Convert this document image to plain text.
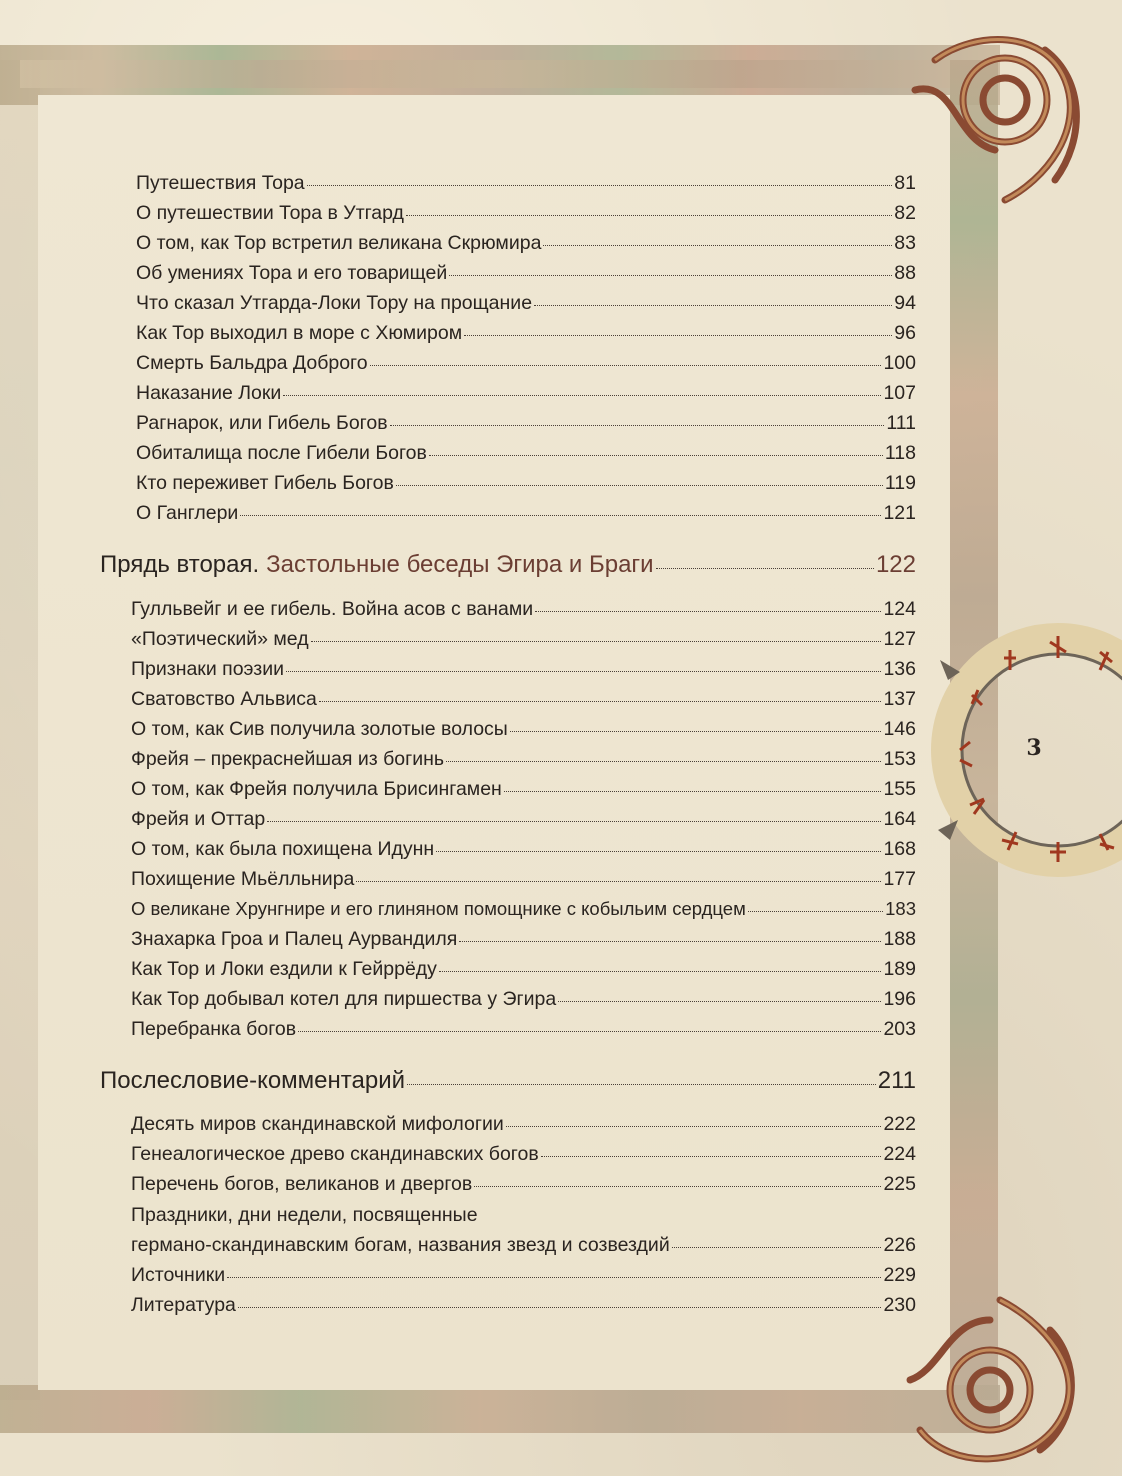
3
Путешествия Тора	81
О путешествии Тора в Утгард	82
О том, как Тор встретил великана Скрюмира	83
Об умениях Тора и его товарищей	88
Что сказал Утгарда-Локи Тору на прощание	94
Как Тор выходил в море с Хюмиром	96
Смерть Бальдра Доброго	100
Наказание Локи	107
Рагнарок, или Гибель Богов	111
Обиталища после Гибели Богов	118
Кто переживет Гибель Богов	119
О Ганглери	121
Прядь вторая. Застольные беседы Эгира и Браги	122
Гулльвейг и ее гибель. Война асов с ванами	124
«Поэтический» мед	127
Признаки поэзии	136
Сватовство Альвиса	137
О том, как Сив получила золотые волосы	146
Фрейя – прекраснейшая из богинь	153
О том, как Фрейя получила Брисингамен	155
Фрейя и Оттар	164
О том, как была похищена Идунн	168
Похищение Мьёлльнира	177
О великане Хрунгнире и его глиняном помощнике с кобыльим сердцем	183
Знахарка Гроа и Палец Аурвандиля	188
Как Тор и Локи ездили к Гейррёду	189
Как Тор добывал котел для пиршества у Эгира	196
Перебранка богов	203
Послесловие-комментарий	211
Десять миров скандинавской мифологии	222
Генеалогическое древо скандинавских богов	224
Перечень богов, великанов и двергов	225
Праздники, дни недели, посвященные
германо-скандинавским богам, названия звезд и созвездий	226
Источники	229
Литература	230
